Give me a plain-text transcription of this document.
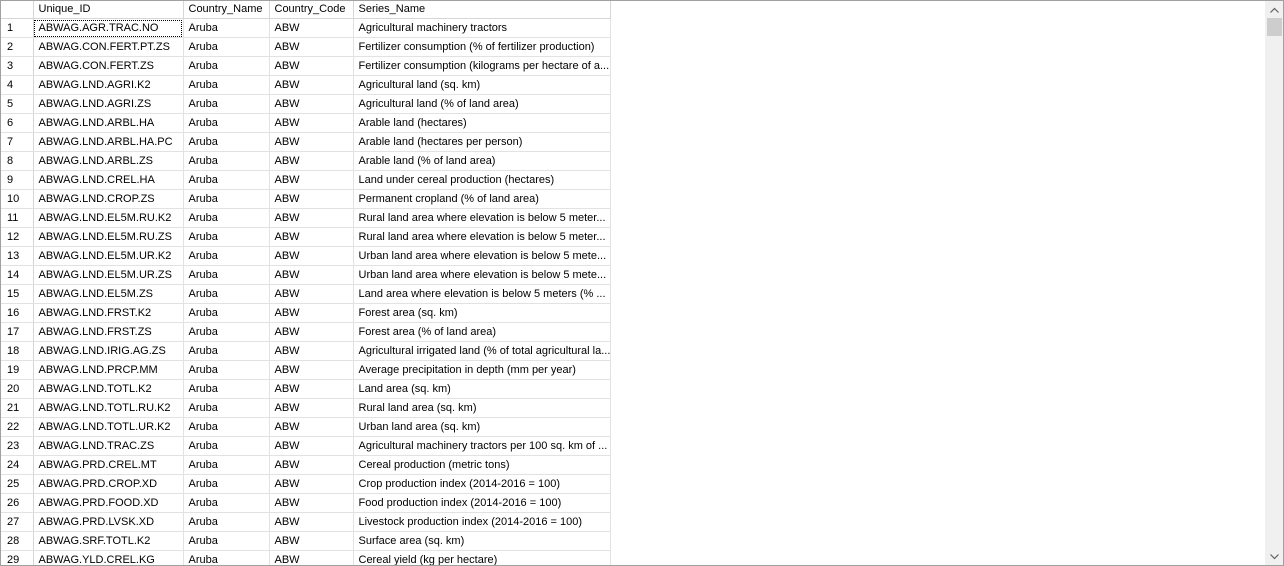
	Unique_ID	Country_Name	Country_Code	Series_Name
1	ABWAG.AGR.TRAC.NO	Aruba	ABW	Agricultural machinery tractors
2	ABWAG.CON.FERT.PT.ZS	Aruba	ABW	Fertilizer consumption (% of fertilizer production)
3	ABWAG.CON.FERT.ZS	Aruba	ABW	Fertilizer consumption (kilograms per hectare of a...
4	ABWAG.LND.AGRI.K2	Aruba	ABW	Agricultural land (sq. km)
5	ABWAG.LND.AGRI.ZS	Aruba	ABW	Agricultural land (% of land area)
6	ABWAG.LND.ARBL.HA	Aruba	ABW	Arable land (hectares)
7	ABWAG.LND.ARBL.HA.PC	Aruba	ABW	Arable land (hectares per person)
8	ABWAG.LND.ARBL.ZS	Aruba	ABW	Arable land (% of land area)
9	ABWAG.LND.CREL.HA	Aruba	ABW	Land under cereal production (hectares)
10	ABWAG.LND.CROP.ZS	Aruba	ABW	Permanent cropland (% of land area)
11	ABWAG.LND.EL5M.RU.K2	Aruba	ABW	Rural land area where elevation is below 5 meter...
12	ABWAG.LND.EL5M.RU.ZS	Aruba	ABW	Rural land area where elevation is below 5 meter...
13	ABWAG.LND.EL5M.UR.K2	Aruba	ABW	Urban land area where elevation is below 5 mete...
14	ABWAG.LND.EL5M.UR.ZS	Aruba	ABW	Urban land area where elevation is below 5 mete...
15	ABWAG.LND.EL5M.ZS	Aruba	ABW	Land area where elevation is below 5 meters (% ...
16	ABWAG.LND.FRST.K2	Aruba	ABW	Forest area (sq. km)
17	ABWAG.LND.FRST.ZS	Aruba	ABW	Forest area (% of land area)
18	ABWAG.LND.IRIG.AG.ZS	Aruba	ABW	Agricultural irrigated land (% of total agricultural la...
19	ABWAG.LND.PRCP.MM	Aruba	ABW	Average precipitation in depth (mm per year)
20	ABWAG.LND.TOTL.K2	Aruba	ABW	Land area (sq. km)
21	ABWAG.LND.TOTL.RU.K2	Aruba	ABW	Rural land area (sq. km)
22	ABWAG.LND.TOTL.UR.K2	Aruba	ABW	Urban land area (sq. km)
23	ABWAG.LND.TRAC.ZS	Aruba	ABW	Agricultural machinery tractors per 100 sq. km of ...
24	ABWAG.PRD.CREL.MT	Aruba	ABW	Cereal production (metric tons)
25	ABWAG.PRD.CROP.XD	Aruba	ABW	Crop production index (2014-2016 = 100)
26	ABWAG.PRD.FOOD.XD	Aruba	ABW	Food production index (2014-2016 = 100)
27	ABWAG.PRD.LVSK.XD	Aruba	ABW	Livestock production index (2014-2016 = 100)
28	ABWAG.SRF.TOTL.K2	Aruba	ABW	Surface area (sq. km)
29	ABWAG.YLD.CREL.KG	Aruba	ABW	Cereal yield (kg per hectare)
